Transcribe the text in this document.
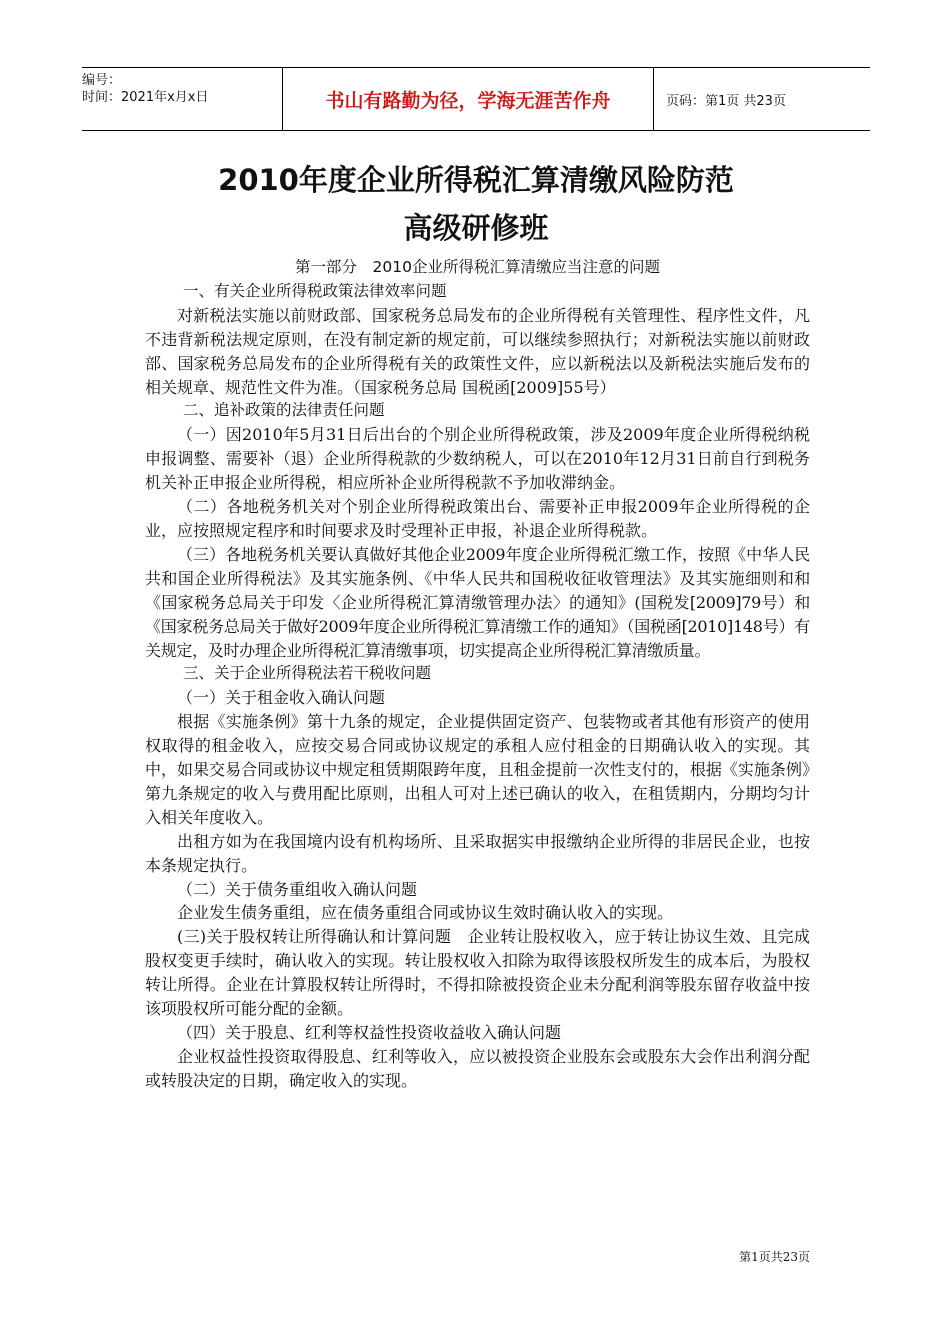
编号：
时间：2021年x月x日	书山有路勤为径，学海无涯苦作舟	页码：第1页 共23页
2010年度企业所得税汇算清缴风险防范
高级研修班

第一部分　2010企业所得税汇算清缴应当注意的问题

一、有关企业所得税政策法律效率问题

对新税法实施以前财政部、国家税务总局发布的企业所得税有关管理性、程序性文件，凡不违背新税法规定原则，在没有制定新的规定前，可以继续参照执行；对新税法实施以前财政部、国家税务总局发布的企业所得税有关的政策性文件，应以新税法以及新税法实施后发布的相关规章、规范性文件为准。（国家税务总局 国税函[2009]55号）

二、追补政策的法律责任问题

（一）因2010年5月31日后出台的个别企业所得税政策，涉及2009年度企业所得税纳税申报调整、需要补（退）企业所得税款的少数纳税人，可以在2010年12月31日前自行到税务机关补正申报企业所得税，相应所补企业所得税款不予加收滞纳金。

（二）各地税务机关对个别企业所得税政策出台、需要补正申报2009年企业所得税的企业，应按照规定程序和时间要求及时受理补正申报，补退企业所得税款。

（三）各地税务机关要认真做好其他企业2009年度企业所得税汇缴工作，按照《中华人民共和国企业所得税法》及其实施条例、《中华人民共和国税收征收管理法》及其实施细则和和《国家税务总局关于印发〈企业所得税汇算清缴管理办法〉的通知》(国税发[2009]79号）和《国家税务总局关于做好2009年度企业所得税汇算清缴工作的通知》（国税函[2010]148号）有关规定，及时办理企业所得税汇算清缴事项，切实提高企业所得税汇算清缴质量。

三、关于企业所得税法若干税收问题

（一）关于租金收入确认问题

根据《实施条例》第十九条的规定，企业提供固定资产、包装物或者其他有形资产的使用权取得的租金收入，应按交易合同或协议规定的承租人应付租金的日期确认收入的实现。其中，如果交易合同或协议中规定租赁期限跨年度，且租金提前一次性支付的，根据《实施条例》第九条规定的收入与费用配比原则，出租人可对上述已确认的收入，在租赁期内，分期均匀计入相关年度收入。

出租方如为在我国境内设有机构场所、且采取据实申报缴纳企业所得的非居民企业，也按本条规定执行。

（二）关于债务重组收入确认问题

企业发生债务重组，应在债务重组合同或协议生效时确认收入的实现。

(三)关于股权转让所得确认和计算问题　企业转让股权收入，应于转让协议生效、且完成股权变更手续时，确认收入的实现。转让股权收入扣除为取得该股权所发生的成本后，为股权转让所得。企业在计算股权转让所得时，不得扣除被投资企业未分配利润等股东留存收益中按该项股权所可能分配的金额。

（四）关于股息、红利等权益性投资收益收入确认问题

企业权益性投资取得股息、红利等收入，应以被投资企业股东会或股东大会作出利润分配或转股决定的日期，确定收入的实现。

第1页共23页
